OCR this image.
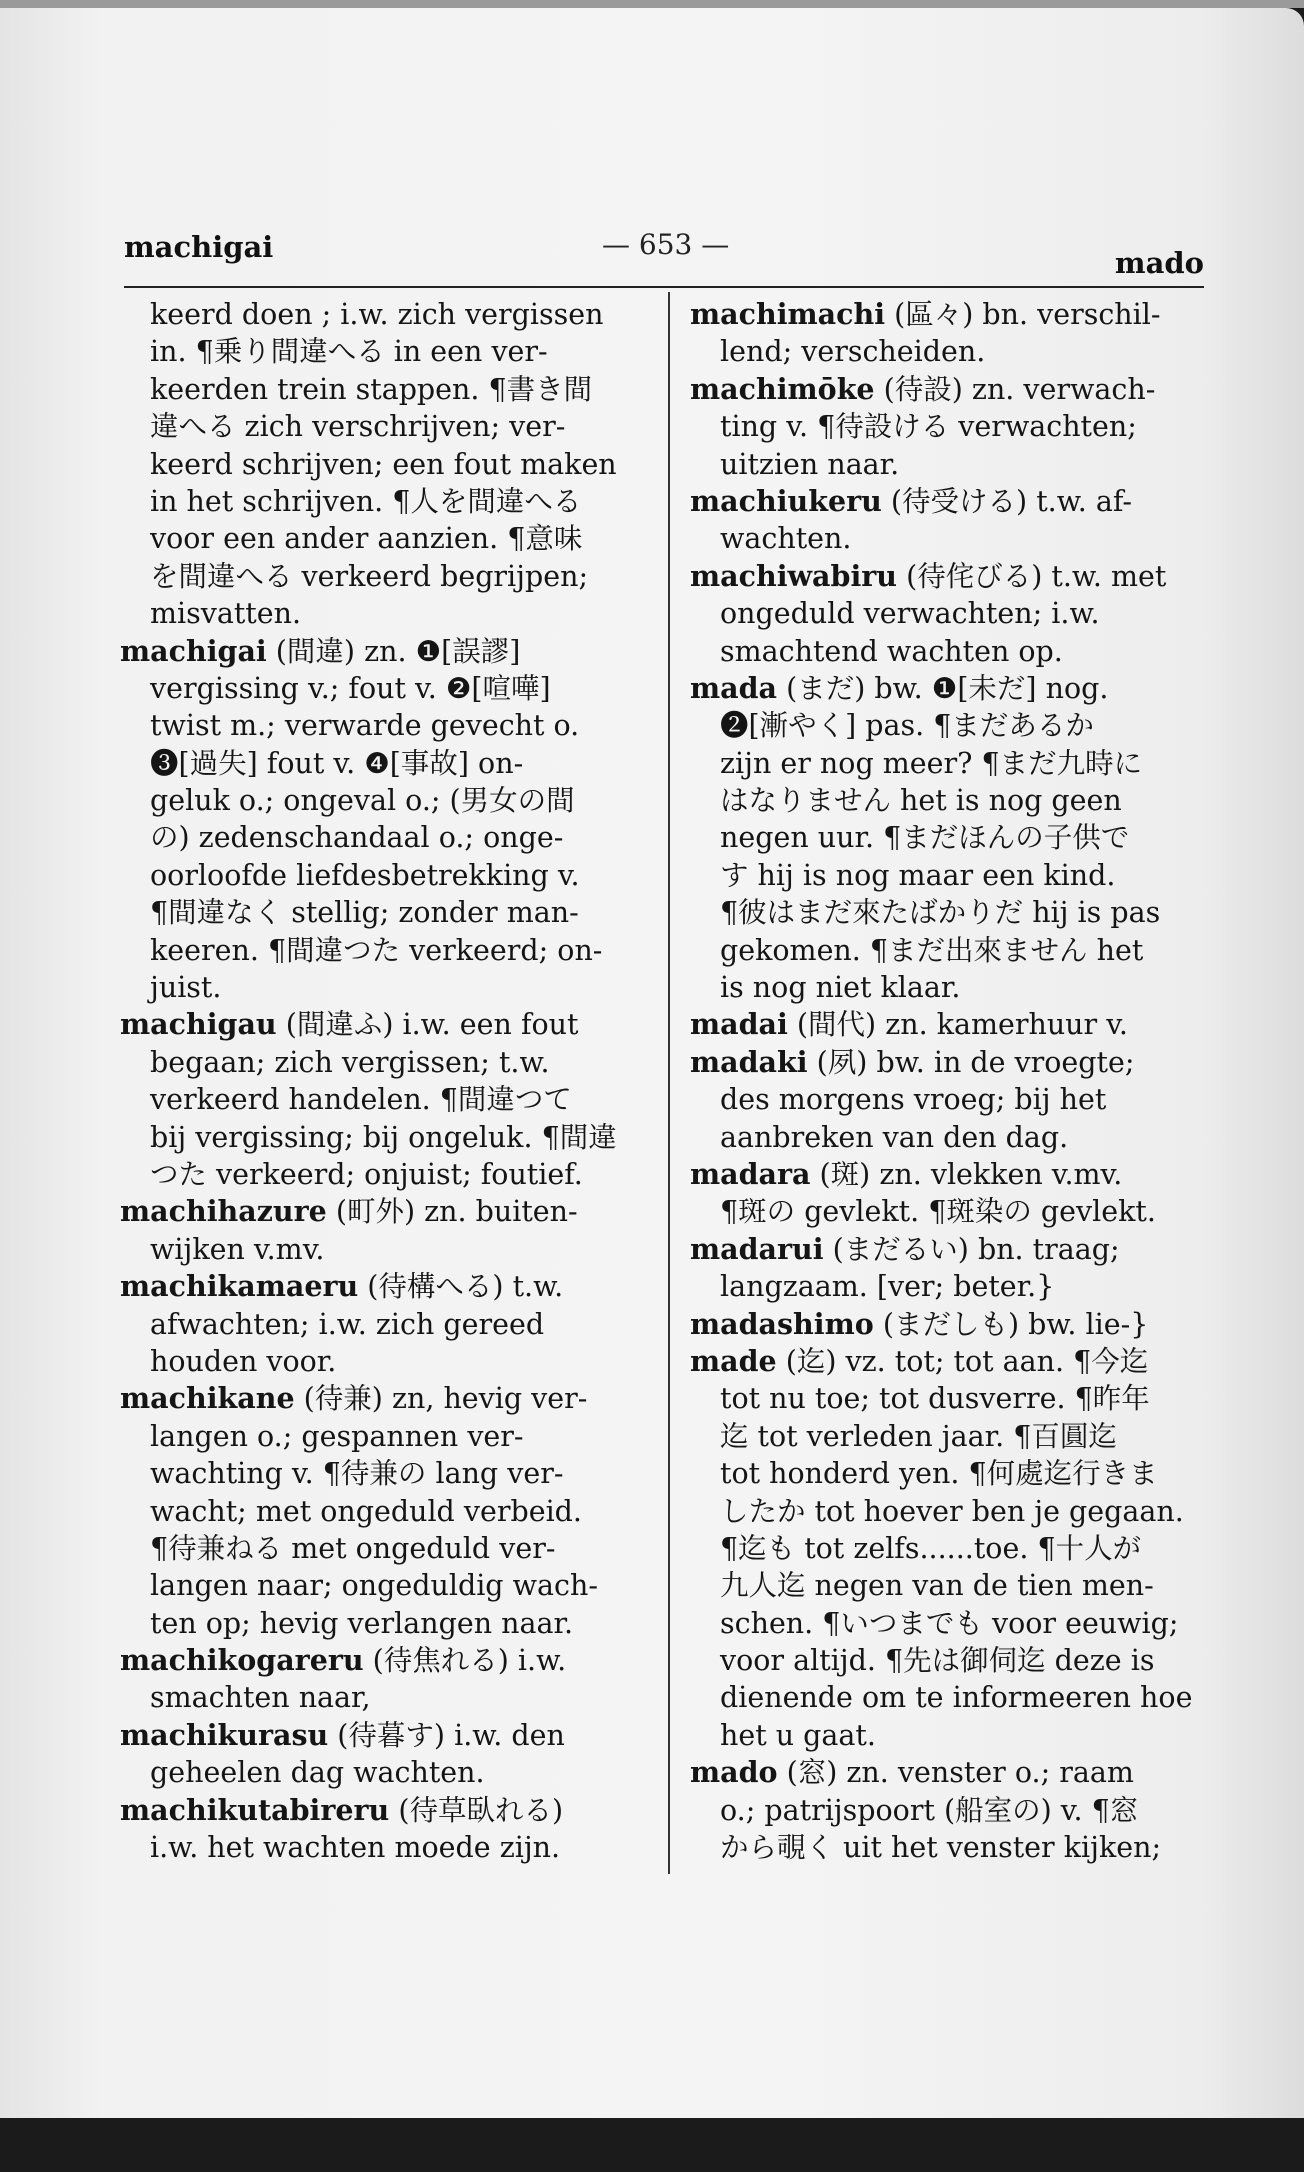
machigai	— 653 —
mado
keerd doen ; i.w. zich vergissen
in. ¶乗り間違へる in een ver-
keerden trein stappen. ¶書き間
違へる zich verschrijven; ver-
keerd schrijven; een fout maken
in het schrijven. ¶人を間違へる
voor een ander aanzien. ¶意味
を間違へる verkeerd begrijpen;
misvatten.
machigai (間違) zn. ❶[誤謬]
vergissing v.; fout v. ❷[喧嘩]
twist m.; verwarde gevecht o.
❸[過失] fout v. ❹[事故] on-
geluk o.; ongeval o.; (男女の間
の) zedenschandaal o.; onge-
oorloofde liefdesbetrekking v.
¶間違なく stellig; zonder man-
keeren. ¶間違つた verkeerd; on-
juist.
machigau (間違ふ) i.w. een fout
begaan; zich vergissen; t.w.
verkeerd handelen. ¶間違つて
bij vergissing; bij ongeluk. ¶間違
つた verkeerd; onjuist; foutief.
machihazure (町外) zn. buiten-
wijken v.mv.
machikamaeru (待構へる) t.w.
afwachten; i.w. zich gereed
houden voor.
machikane (待兼) zn, hevig ver-
langen o.; gespannen ver-
wachting v. ¶待兼の lang ver-
wacht; met ongeduld verbeid.
¶待兼ねる met ongeduld ver-
langen naar; ongeduldig wach-
ten op; hevig verlangen naar.
machikogareru (待焦れる) i.w.
smachten naar,
machikurasu (待暮す) i.w. den
geheelen dag wachten.
machikutabireru (待草臥れる)
i.w. het wachten moede zijn.
machimachi (區々) bn. verschil-
lend; verscheiden.
machimōke (待設) zn. verwach-
ting v. ¶待設ける verwachten;
uitzien naar.
machiukeru (待受ける) t.w. af-
wachten.
machiwabiru (待侘びる) t.w. met
ongeduld verwachten; i.w.
smachtend wachten op.
mada (まだ) bw. ❶[未だ] nog.
❷[漸やく] pas. ¶まだあるか
zijn er nog meer? ¶まだ九時に
はなりません het is nog geen
negen uur. ¶まだほんの子供で
す hij is nog maar een kind.
¶彼はまだ來たばかりだ hij is pas
gekomen. ¶まだ出來ません het
is nog niet klaar.
madai (間代) zn. kamerhuur v.
madaki (夙) bw. in de vroegte;
des morgens vroeg; bij het
aanbreken van den dag.
madara (斑) zn. vlekken v.mv.
¶斑の gevlekt. ¶斑染の gevlekt.
madarui (まだるい) bn. traag;
langzaam. [ver; beter.}
madashimo (まだしも) bw. lie-}
made (迄) vz. tot; tot aan. ¶今迄
tot nu toe; tot dusverre. ¶昨年
迄 tot verleden jaar. ¶百圓迄
tot honderd yen. ¶何處迄行きま
したか tot hoever ben je gegaan.
¶迄も tot zelfs......toe. ¶十人が
九人迄 negen van de tien men-
schen. ¶いつまでも voor eeuwig;
voor altijd. ¶先は御伺迄 deze is
dienende om te informeeren hoe
het u gaat.
mado (窓) zn. venster o.; raam
o.; patrijspoort (船室の) v. ¶窓
から覗く uit het venster kijken;
